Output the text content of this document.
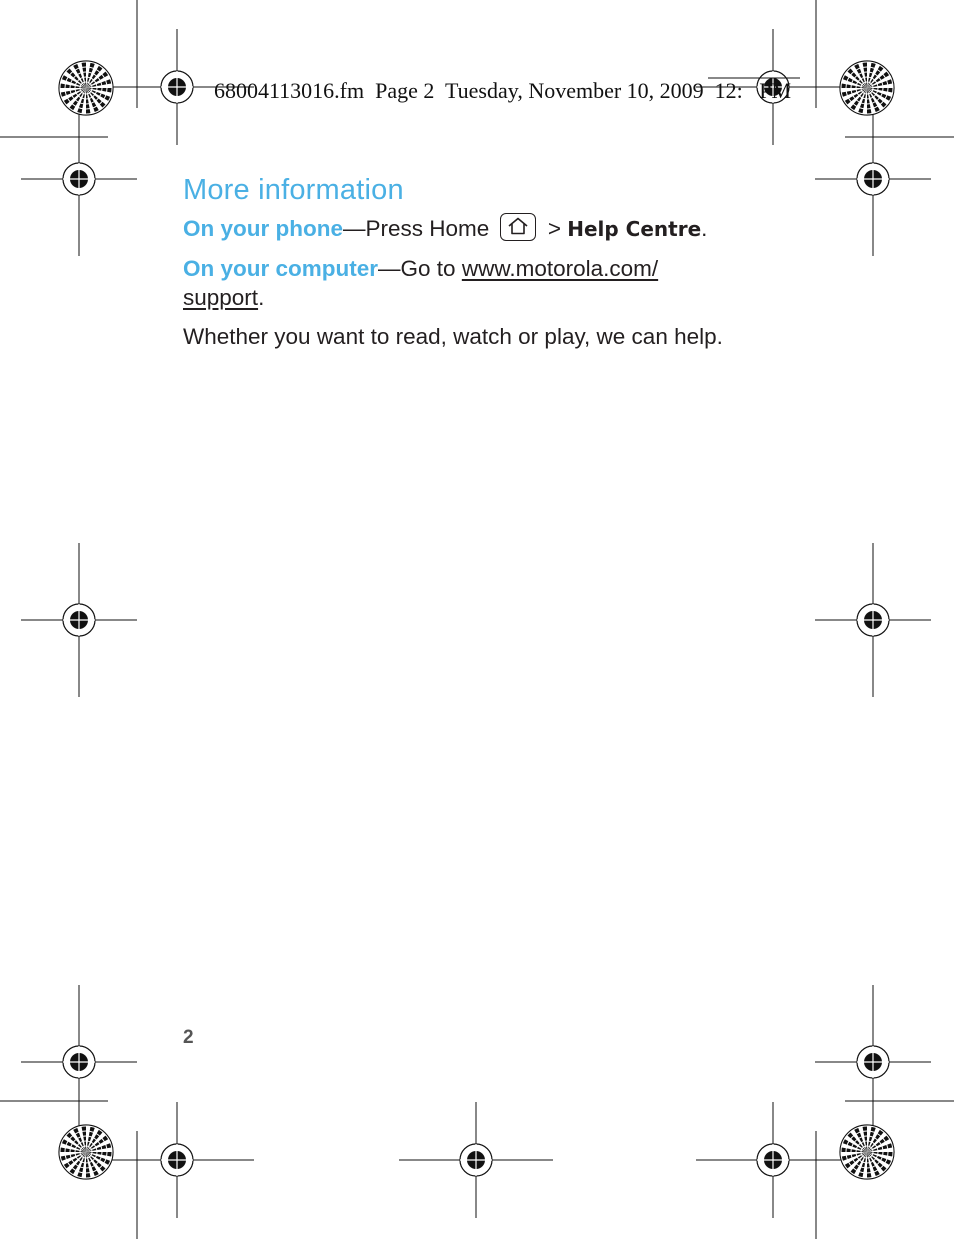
68004113016.fm  Page 2  Tuesday, November 10, 2009  12:   PM
More information

On your phone—Press Home	> Help Centre.

On your computer—Go to www.motorola.com/
support.

Whether you want to read, watch or play, we can help.

2
